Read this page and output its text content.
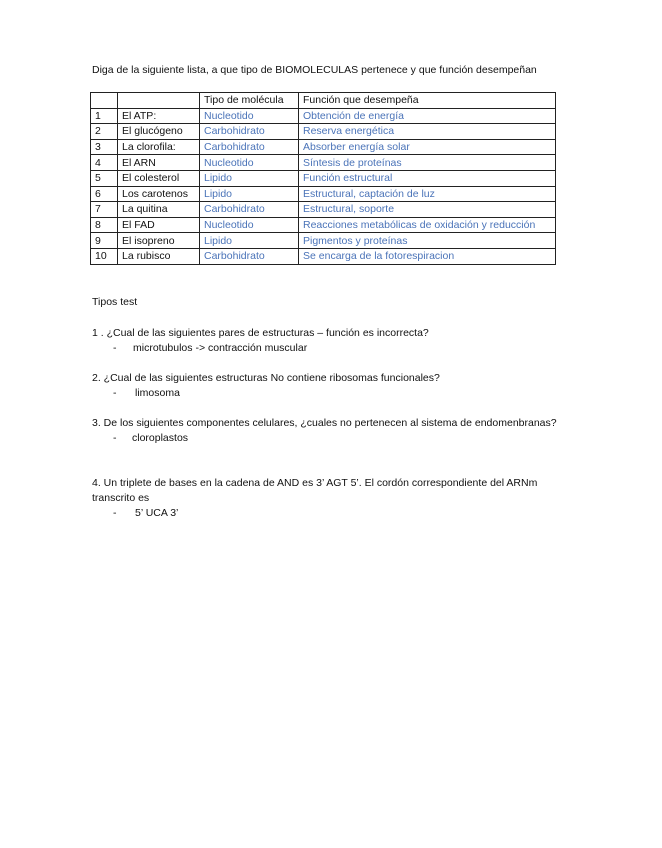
Diga de la siguiente lista, a que tipo de BIOMOLECULAS pertenece y que función desempeñan
		Tipo de molécula	Función que desempeña
1	El ATP:	Nucleotido	Obtención de energía
2	El glucógeno	Carbohidrato	Reserva energética
3	La clorofila:	Carbohidrato	Absorber energía solar
4	El ARN	Nucleotido	Síntesis de proteínas
5	El colesterol	Lipido	Función estructural
6	Los carotenos	Lipido	Estructural, captación de luz
7	La quitina	Carbohidrato	Estructural, soporte
8	El FAD	Nucleotido	Reacciones metabólicas de oxidación y reducción
9	El isopreno	Lipido	Pigmentos y proteínas
10	La rubisco	Carbohidrato	Se encarga de la fotorespiracion
Tipos test

1 . ¿Cual de las siguientes pares de estructuras – función es incorrecta?

- microtubulos -> contracción muscular

2. ¿Cual de las siguientes estructuras No contiene ribosomas funcionales?

- limosoma

3. De los siguientes componentes celulares, ¿cuales no pertenecen al sistema de endomenbranas?

- cloroplastos

4. Un triplete de bases en la cadena de AND es 3’ AGT 5’. El cordón correspondiente del ARNm transcrito es

- 5’ UCA 3’
